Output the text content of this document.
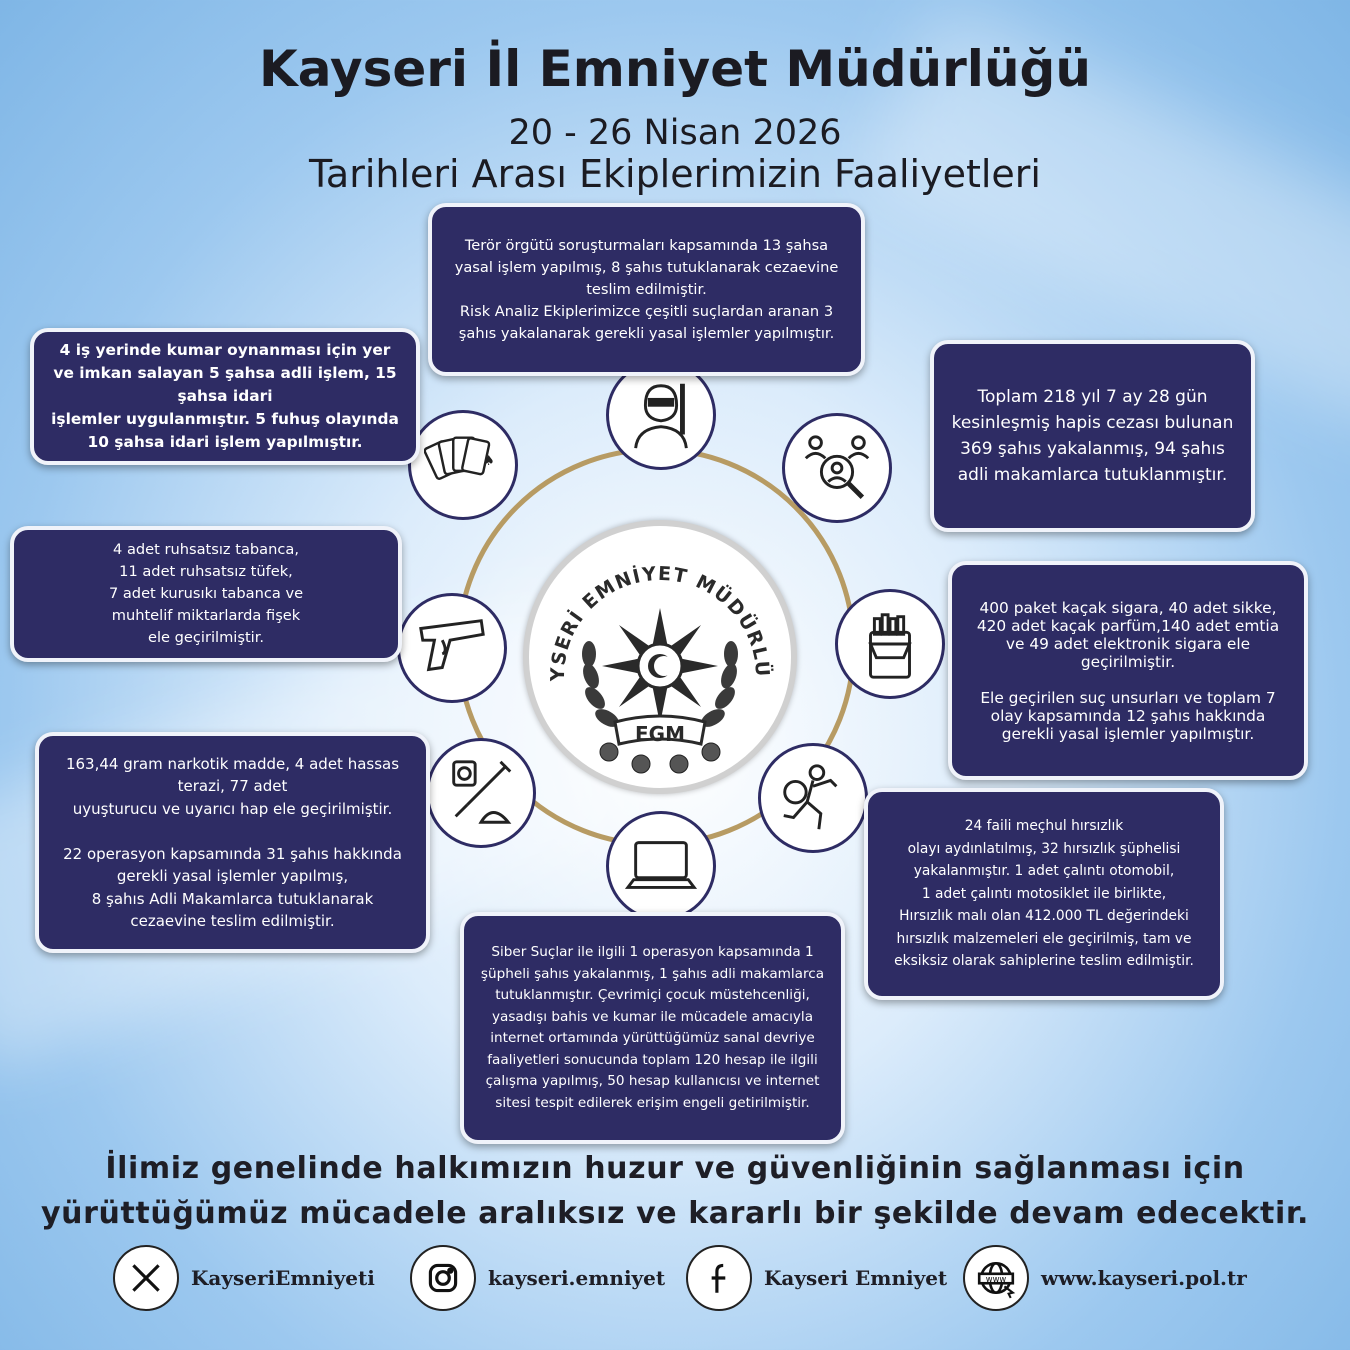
Kayseri İl Emniyet Müdürlüğü
20 - 26 Nisan 2026
Tarihleri Arası Ekiplerimizin Faaliyetleri
YSERİ EMNİYET MÜDÜRLÜ
EGM
♠

Terör örgütü soruşturmaları kapsamında 13 şahsa yasal işlem yapılmış, 8 şahıs tutuklanarak cezaevine teslim edilmiştir.
Risk Analiz Ekiplerimizce çeşitli suçlardan aranan 3 şahıs yakalanarak gerekli yasal işlemler yapılmıştır.

4 iş yerinde kumar oynanması için yer ve imkan salayan 5 şahsa adli işlem, 15 şahsa idari
işlemler uygulanmıştır. 5 fuhuş olayında 10 şahsa idari işlem yapılmıştır.

Toplam 218 yıl 7 ay 28 gün kesinleşmiş hapis cezası bulunan 369 şahıs yakalanmış, 94 şahıs adli makamlarca tutuklanmıştır.

4 adet ruhsatsız tabanca,
11 adet ruhsatsız tüfek,
7 adet kurusıkı tabanca ve
muhtelif miktarlarda fişek
ele geçirilmiştir.

400 paket kaçak sigara, 40 adet sikke, 420 adet kaçak parfüm,140 adet emtia ve 49 adet elektronik sigara ele geçirilmiştir.

Ele geçirilen suç unsurları ve toplam 7 olay kapsamında 12 şahıs hakkında gerekli yasal işlemler yapılmıştır.

163,44 gram narkotik madde, 4 adet hassas terazi, 77 adet
uyuşturucu ve uyarıcı hap ele geçirilmiştir.

22 operasyon kapsamında 31 şahıs hakkında gerekli yasal işlemler yapılmış,
8 şahıs Adli Makamlarca tutuklanarak cezaevine teslim edilmiştir.

24 faili meçhul hırsızlık
olayı aydınlatılmış, 32 hırsızlık şüphelisi yakalanmıştır. 1 adet çalıntı otomobil,
1 adet çalıntı motosiklet ile birlikte,
Hırsızlık malı olan 412.000 TL değerindeki hırsızlık malzemeleri ele geçirilmiş, tam ve eksiksiz olarak sahiplerine teslim edilmiştir.

Siber Suçlar ile ilgili 1 operasyon kapsamında 1 şüpheli şahıs yakalanmış, 1 şahıs adli makamlarca tutuklanmıştır. Çevrimiçi çocuk müstehcenliği, yasadışı bahis ve kumar ile mücadele amacıyla internet ortamında yürüttüğümüz sanal devriye faaliyetleri sonucunda toplam 120 hesap ile ilgili çalışma yapılmış, 50 hesap kullanıcısı ve internet sitesi tespit edilerek erişim engeli getirilmiştir.

İlimiz genelinde halkımızın huzur ve güvenliğinin sağlanması için
yürüttüğümüz mücadele aralıksız ve kararlı bir şekilde devam edecektir.
KayseriEmniyeti	kayseri.emniyet	Kayseri Emniyet	www www.kayseri.pol.tr
